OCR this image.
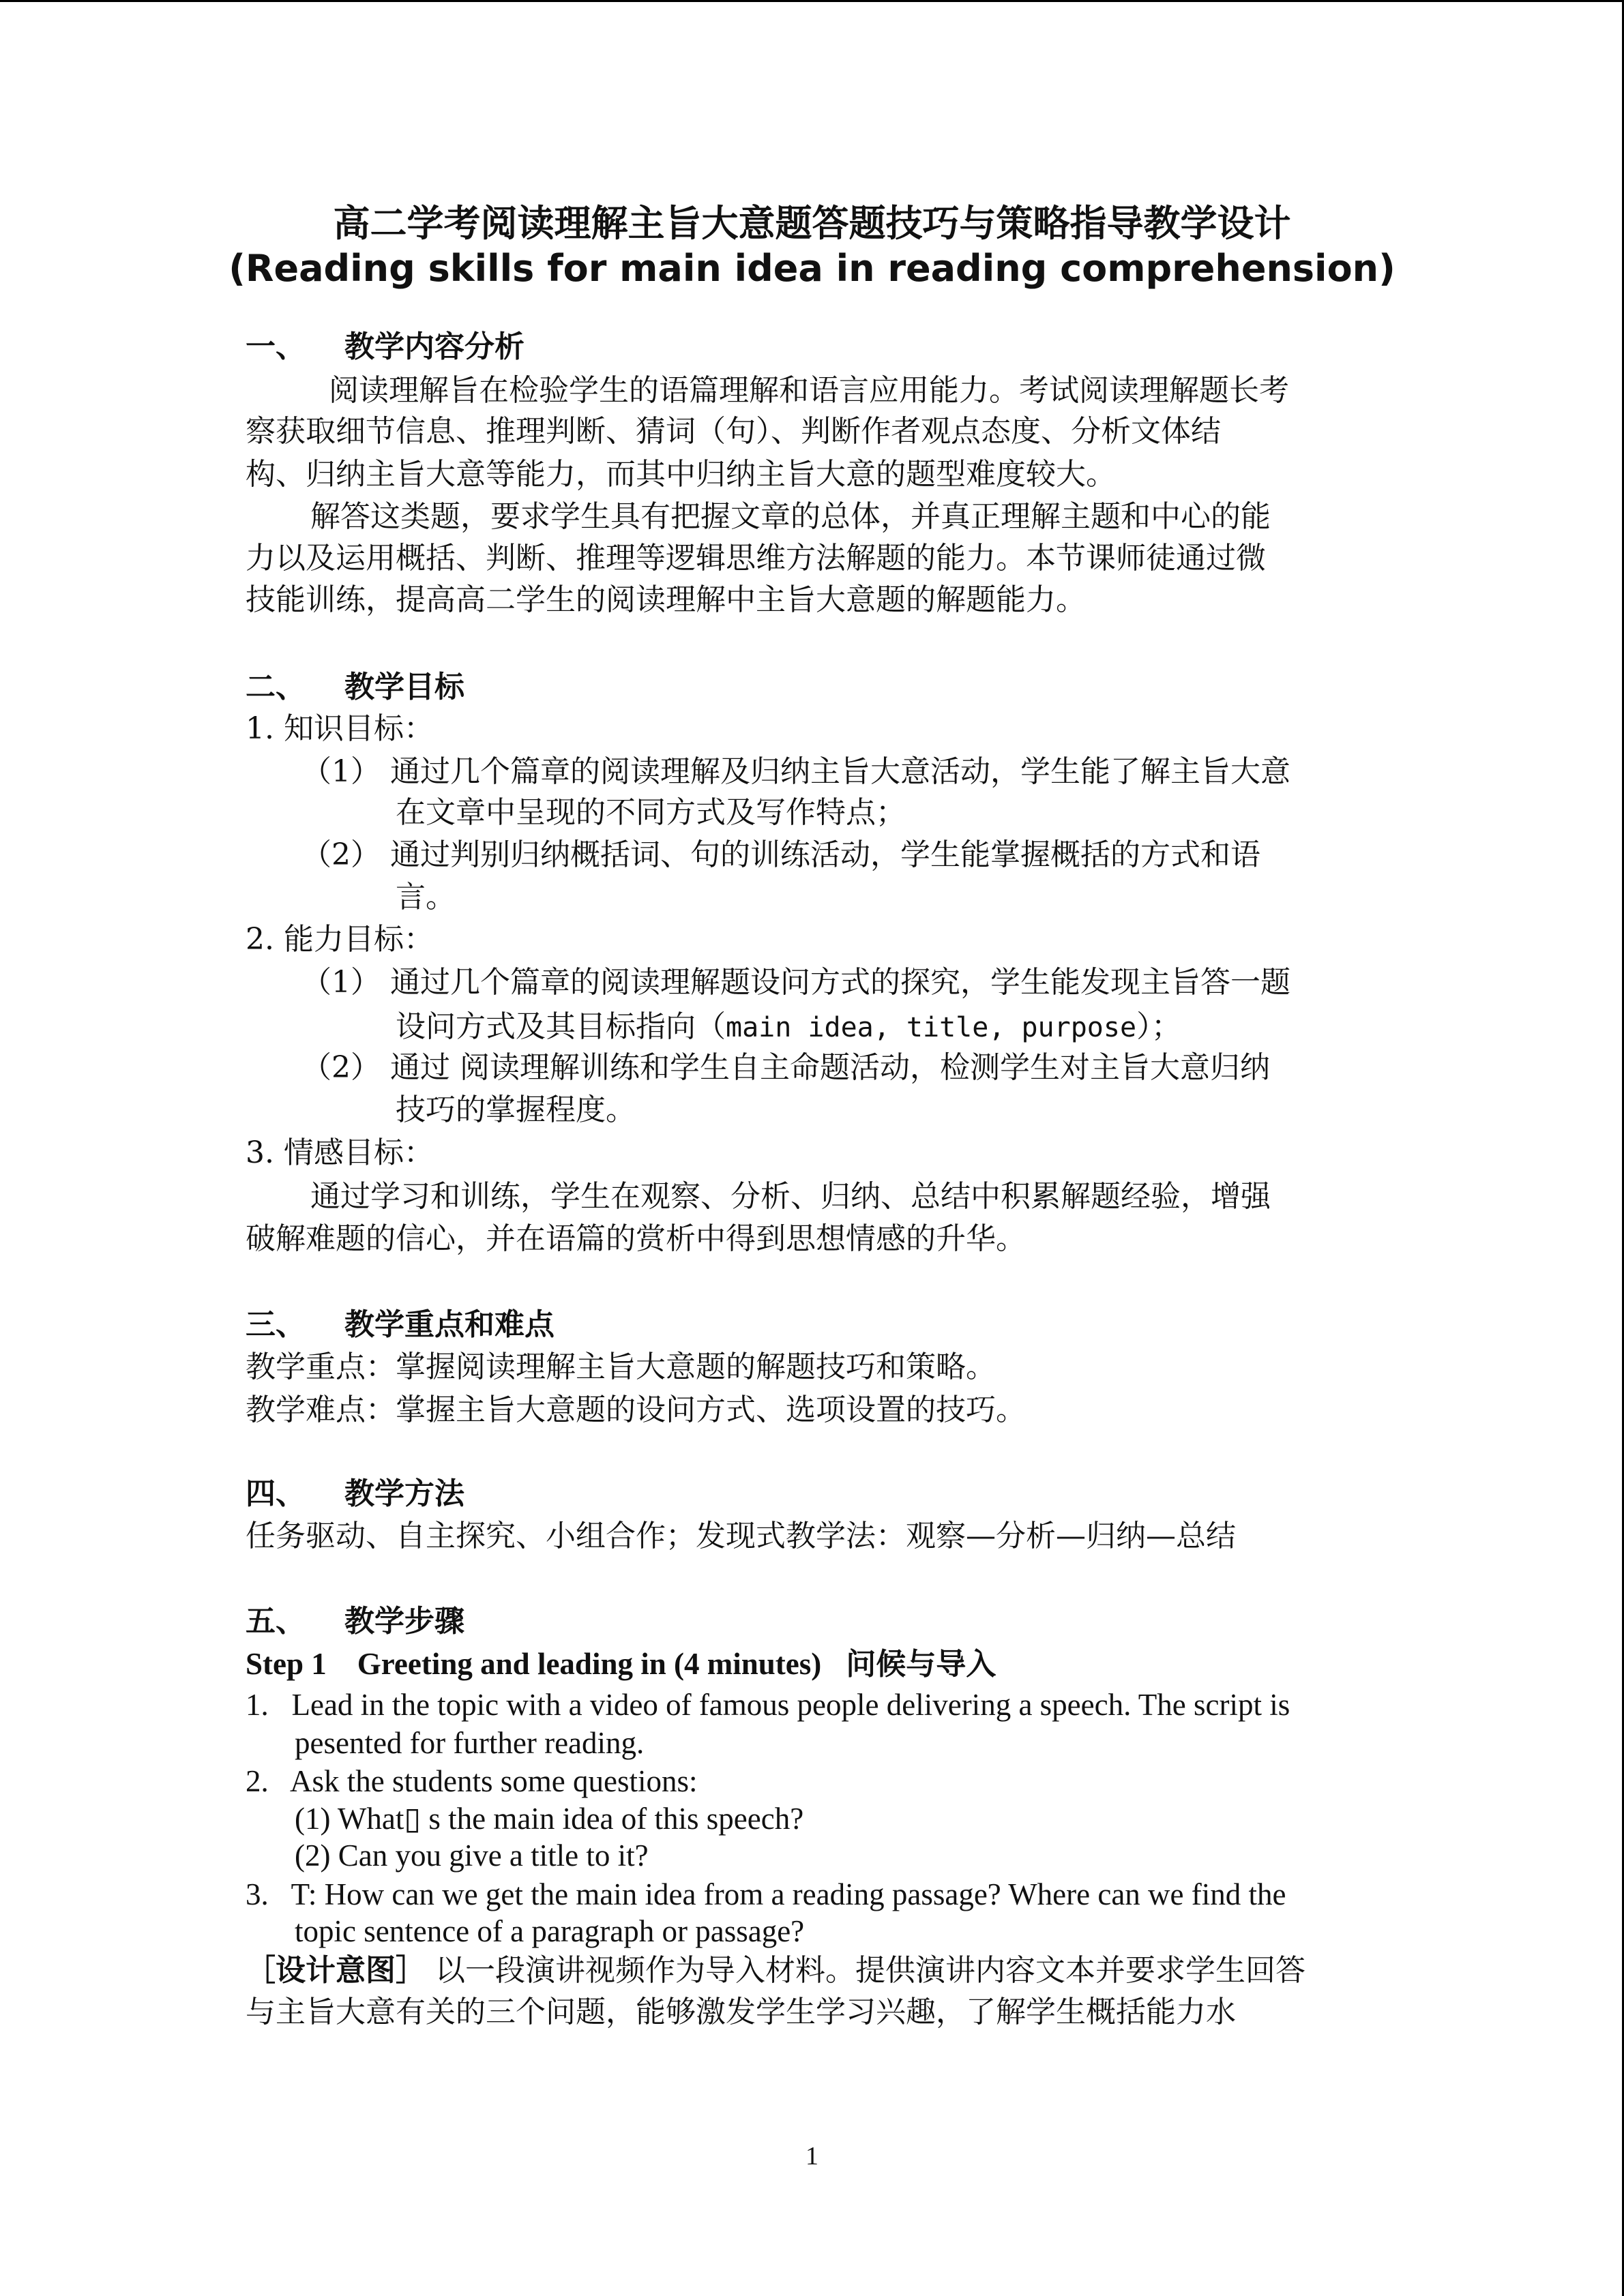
高二学考阅读理解主旨大意题答题技巧与策略指导教学设计
(Reading skills for main idea in reading comprehension)
一、 教学内容分析
阅读理解旨在检验学生的语篇理解和语言应用能力。考试阅读理解题长考
察获取细节信息、推理判断、猜词（句）、判断作者观点态度、分析文体结
构、归纳主旨大意等能力，而其中归纳主旨大意的题型难度较大。
解答这类题，要求学生具有把握文章的总体，并真正理解主题和中心的能
力以及运用概括、判断、推理等逻辑思维方法解题的能力。本节课师徒通过微
技能训练，提高高二学生的阅读理解中主旨大意题的解题能力。
二、 教学目标
1. 知识目标：
（1） 通过几个篇章的阅读理解及归纳主旨大意活动，学生能了解主旨大意
在文章中呈现的不同方式及写作特点；
（2） 通过判别归纳概括词、句的训练活动，学生能掌握概括的方式和语
言。
2. 能力目标：
（1） 通过几个篇章的阅读理解题设问方式的探究，学生能发现主旨答一题
设问方式及其目标指向（main idea, title, purpose）；
（2） 通过 阅读理解训练和学生自主命题活动，检测学生对主旨大意归纳
技巧的掌握程度。
3. 情感目标：
通过学习和训练，学生在观察、分析、归纳、总结中积累解题经验，增强
破解难题的信心，并在语篇的赏析中得到思想情感的升华。
三、 教学重点和难点
教学重点：掌握阅读理解主旨大意题的解题技巧和策略。
教学难点：掌握主旨大意题的设问方式、选项设置的技巧。
四、 教学方法
任务驱动、自主探究、小组合作；发现式教学法：观察—分析—归纳—总结
五、 教学步骤
Step 1    Greeting and leading in (4 minutes) 问候与导入
1.   Lead in the topic with a video of famous people delivering a speech. The script is
pesented for further reading.
2.   Ask the students some questions:
(1) What▯ s the main idea of this speech?
(2) Can you give a title to it?
3.   T: How can we get the main idea from a reading passage? Where can we find the
topic sentence of a paragraph or passage?
［设计意图］ 以一段演讲视频作为导入材料。提供演讲内容文本并要求学生回答
与主旨大意有关的三个问题，能够激发学生学习兴趣，了解学生概括能力水
1
